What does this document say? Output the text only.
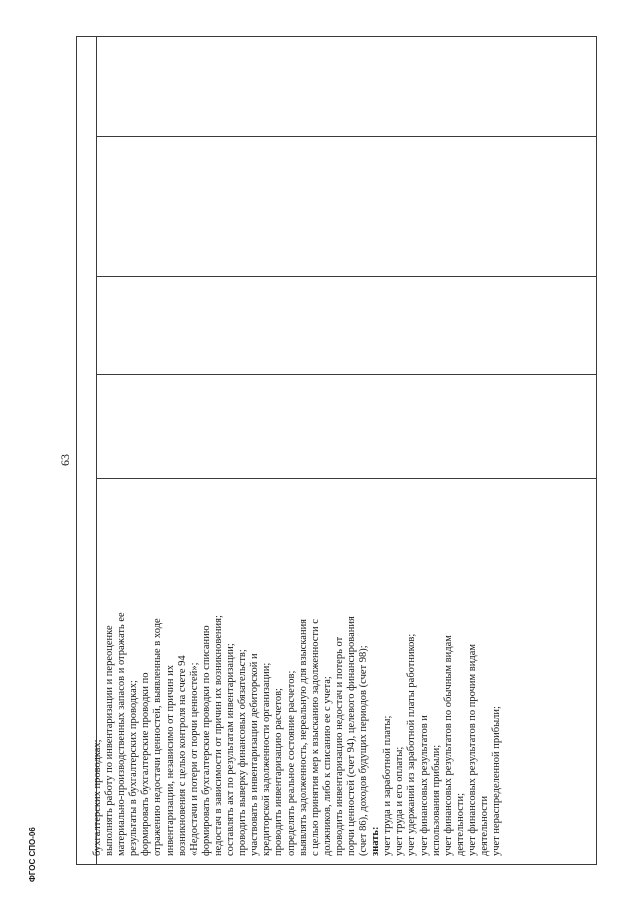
бухгалтерских проводках; выполнять работу по инвентаризации и переоценке материально-производственных запасов и отражать ее результаты в бухгалтерских проводках; формировать бухгалтерские проводки по отражению недостачи ценностей, выявленные в ходе инвентаризации, независимо от причин их возникновения с целью контроля на счете 94 «Недостачи и потери от порчи ценностей»; формировать бухгалтерские проводки по списанию недостач в зависимости от причин их возникновения; составлять акт по результатам инвентаризации; проводить выверку финансовых обязательств; участвовать в инвентаризации дебиторской и кредиторской задолженности организации; проводить инвентаризацию расчетов; определять реальное состояние расчетов; выявлять задолженность, нереальную для взыскания с целью принятия мер к взысканию задолженности с должников, либо к списанию ее с учета; проводить инвентаризацию недостач и потерь от порчи ценностей (счет 94), целевого финансирования (счет 86), доходов будущих периодов (счет 98); знать: учет труда и заработной платы; учет труда и его оплаты; учет удержаний из заработной платы работников; учет финансовых результатов и использования прибыли; учет финансовых результатов по обычным видам деятельности; учет финансовых результатов по прочим видам деятельности учет нераспределенной прибыли;
63
ФГОС СПО-06
